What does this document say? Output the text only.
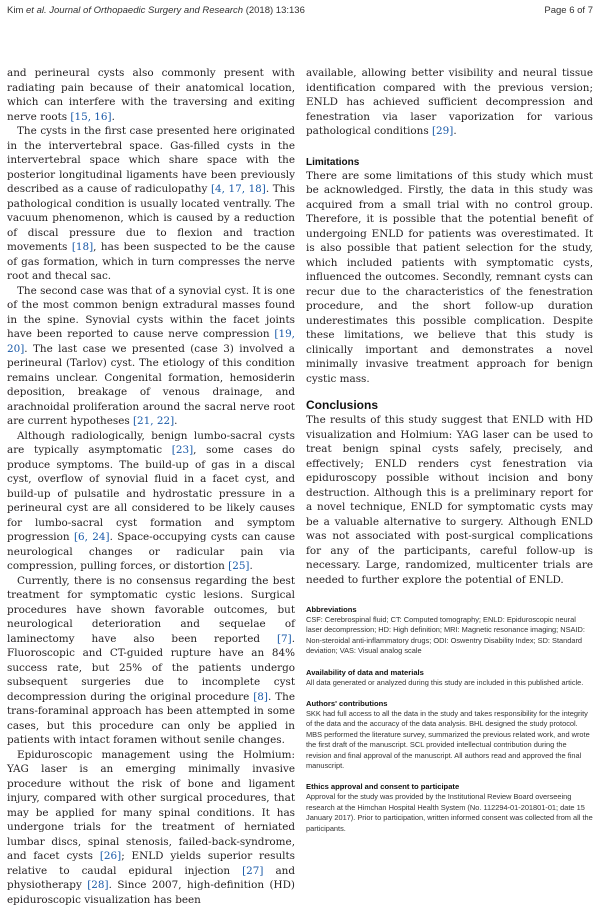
Kim et al. Journal of Orthopaedic Surgery and Research (2018) 13:136	Page 6 of 7

and perineural cysts also commonly present with radiating pain because of their anatomical location, which can interfere with the traversing and exiting nerve roots [15, 16].

The cysts in the first case presented here originated in the intervertebral space. Gas-filled cysts in the intervertebral space which share space with the posterior longitudinal ligaments have been previously described as a cause of radiculopathy [4, 17, 18]. This pathological condition is usually located ventrally. The vacuum phenomenon, which is caused by a reduction of discal pressure due to flexion and traction movements [18], has been suspected to be the cause of gas formation, which in turn compresses the nerve root and thecal sac.

The second case was that of a synovial cyst. It is one of the most common benign extradural masses found in the spine. Synovial cysts within the facet joints have been reported to cause nerve compression [19, 20]. The last case we presented (case 3) involved a perineural (Tarlov) cyst. The etiology of this condition remains unclear. Congenital formation, hemosiderin deposition, breakage of venous drainage, and arachnoidal proliferation around the sacral nerve root are current hypotheses [21, 22].

Although radiologically, benign lumbo-sacral cysts are typically asymptomatic [23], some cases do produce symptoms. The build-up of gas in a discal cyst, overflow of synovial fluid in a facet cyst, and build-up of pulsatile and hydrostatic pressure in a perineural cyst are all considered to be likely causes for lumbo-sacral cyst formation and symptom progression [6, 24]. Space-occupying cysts can cause neurological changes or radicular pain via compression, pulling forces, or distortion [25].

Currently, there is no consensus regarding the best treatment for symptomatic cystic lesions. Surgical procedures have shown favorable outcomes, but neurological deterioration and sequelae of laminectomy have also been reported [7]. Fluoroscopic and CT-guided rupture have an 84% success rate, but 25% of the patients undergo subsequent surgeries due to incomplete cyst decompression during the original procedure [8]. The trans-foraminal approach has been attempted in some cases, but this procedure can only be applied in patients with intact foramen without senile changes.

Epiduroscopic management using the Holmium: YAG laser is an emerging minimally invasive procedure without the risk of bone and ligament injury, compared with other surgical procedures, that may be applied for many spinal conditions. It has undergone trials for the treatment of herniated lumbar discs, spinal stenosis, failed-back-syndrome, and facet cysts [26]; ENLD yields superior results relative to caudal epidural injection [27] and physiotherapy [28]. Since 2007, high-definition (HD) epiduroscopic visualization has been

available, allowing better visibility and neural tissue identification compared with the previous version; ENLD has achieved sufficient decompression and fenestration via laser vaporization for various pathological conditions [29].

Limitations

There are some limitations of this study which must be acknowledged. Firstly, the data in this study was acquired from a small trial with no control group. Therefore, it is possible that the potential benefit of undergoing ENLD for patients was overestimated. It is also possible that patient selection for the study, which included patients with symptomatic cysts, influenced the outcomes. Secondly, remnant cysts can recur due to the characteristics of the fenestration procedure, and the short follow-up duration underestimates this possible complication. Despite these limitations, we believe that this study is clinically important and demonstrates a novel minimally invasive treatment approach for benign cystic mass.

Conclusions

The results of this study suggest that ENLD with HD visualization and Holmium: YAG laser can be used to treat benign spinal cysts safely, precisely, and effectively; ENLD renders cyst fenestration via epiduroscopy possible without incision and bony destruction. Although this is a preliminary report for a novel technique, ENLD for symptomatic cysts may be a valuable alternative to surgery. Although ENLD was not associated with post-surgical complications for any of the participants, careful follow-up is necessary. Large, randomized, multicenter trials are needed to further explore the potential of ENLD.

Abbreviations

CSF: Cerebrospinal fluid; CT: Computed tomography; ENLD: Epiduroscopic neural laser decompression; HD: High definition; MRI: Magnetic resonance imaging; NSAID: Non-steroidal anti-inflammatory drugs; ODI: Oswentry Disability Index; SD: Standard deviation; VAS: Visual analog scale

Availability of data and materials

All data generated or analyzed during this study are included in this published article.

Authors' contributions

SKK had full access to all the data in the study and takes responsibility for the integrity of the data and the accuracy of the data analysis. BHL designed the study protocol. MBS performed the literature survey, summarized the previous related work, and wrote the first draft of the manuscript. SCL provided intellectual contribution during the revision and final approval of the manuscript. All authors read and approved the final manuscript.

Ethics approval and consent to participate

Approval for the study was provided by the Institutional Review Board overseeing research at the Himchan Hospital Health System (No. 112294-01-201801-01; date 15 January 2017). Prior to participation, written informed consent was collected from all the participants.
